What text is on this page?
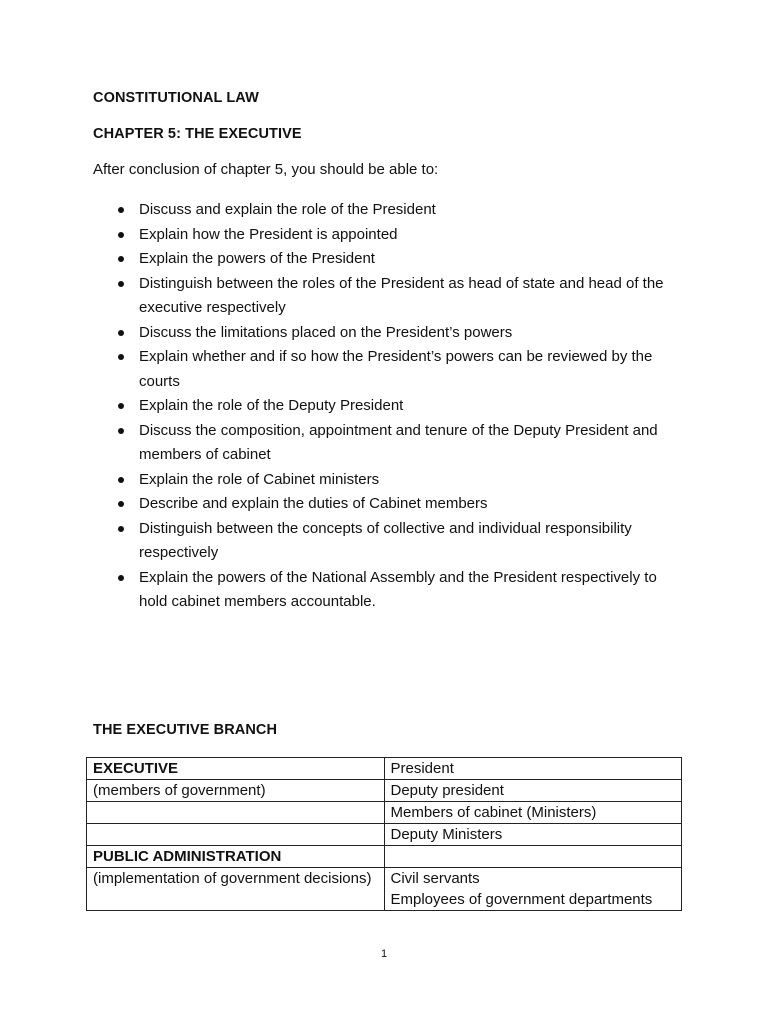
CONSTITUTIONAL LAW
CHAPTER 5: THE EXECUTIVE
After conclusion of chapter 5, you should be able to:
Discuss and explain the role of the President
Explain how the President is appointed
Explain the powers of the President
Distinguish between the roles of the President as head of state and head of the executive respectively
Discuss the limitations placed on the President’s powers
Explain whether and if so how the President’s powers can be reviewed by the courts
Explain the role of the Deputy President
Discuss the composition, appointment and tenure of the Deputy President and members of cabinet
Explain the role of Cabinet ministers
Describe and explain the duties of Cabinet members
Distinguish between the concepts of collective and individual responsibility respectively
Explain the powers of the National Assembly and the President respectively to hold cabinet members accountable.
THE EXECUTIVE BRANCH
EXECUTIVE	President
(members of government)	Deputy president
	Members of cabinet (Ministers)
	Deputy Ministers
PUBLIC ADMINISTRATION	
(implementation of government decisions)	Civil servants
Employees of government departments
1
